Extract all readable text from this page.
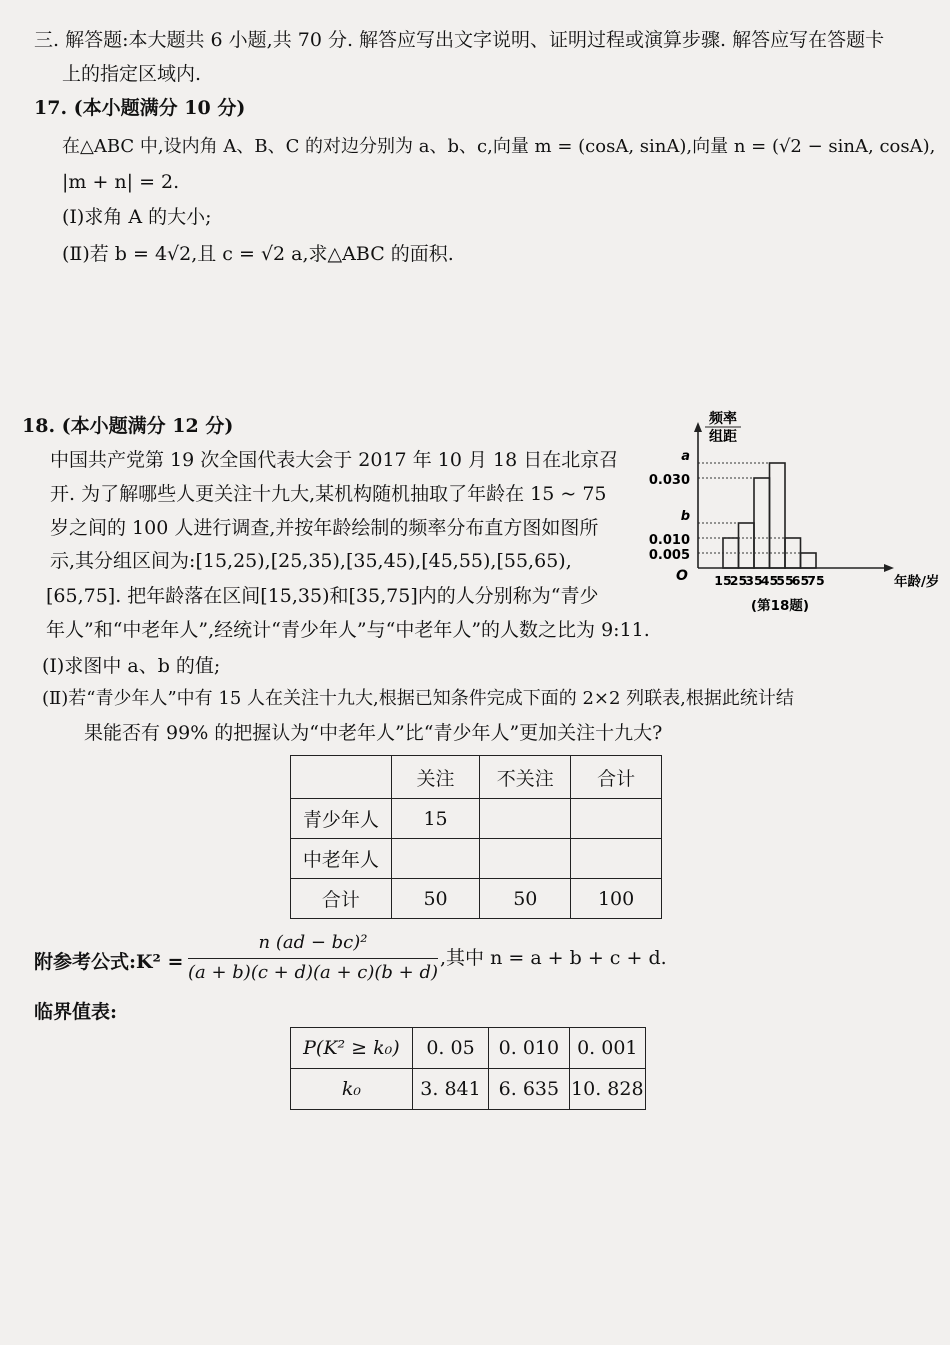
三. 解答题:本大题共 6 小题,共 70 分. 解答应写出文字说明、证明过程或演算步骤. 解答应写在答题卡
上的指定区域内.
17. (本小题满分 10 分)
在△ABC 中,设内角 A、B、C 的对边分别为 a、b、c,向量 m = (cosA, sinA),向量 n = (√2 − sinA, cosA),
|m + n| = 2.
(Ⅰ)求角 A 的大小;
(Ⅱ)若 b = 4√2,且 c = √2 a,求△ABC 的面积.
18. (本小题满分 12 分)
中国共产党第 19 次全国代表大会于 2017 年 10 月 18 日在北京召
开. 为了解哪些人更关注十九大,某机构随机抽取了年龄在 15 ~ 75
岁之间的 100 人进行调查,并按年龄绘制的频率分布直方图如图所
示,其分组区间为:[15,25),[25,35),[35,45),[45,55),[55,65),
[65,75]. 把年龄落在区间[15,35)和[35,75]内的人分别称为“青少
年人”和“中老年人”,经统计“青少年人”与“中老年人”的人数之比为 9:11.
(Ⅰ)求图中 a、b 的值;
(Ⅱ)若“青少年人”中有 15 人在关注十九大,根据已知条件完成下面的 2×2 列联表,根据此统计结
果能否有 99% 的把握认为“中老年人”比“青少年人”更加关注十九大?
a
0.030
b
0.010
0.005
15
25
35
45
55
65
75
O
频率
组距
年龄/岁
(第18题)
	关注	不关注	合计
青少年人	15		
中老年人			
合计	50	50	100
附参考公式:K² =
n (ad − bc)²
(a + b)(c + d)(a + c)(b + d)
,其中 n = a + b + c + d.
临界值表:
P(K² ≥ k₀)	0. 05	0. 010	0. 001
k₀	3. 841	6. 635	10. 828
